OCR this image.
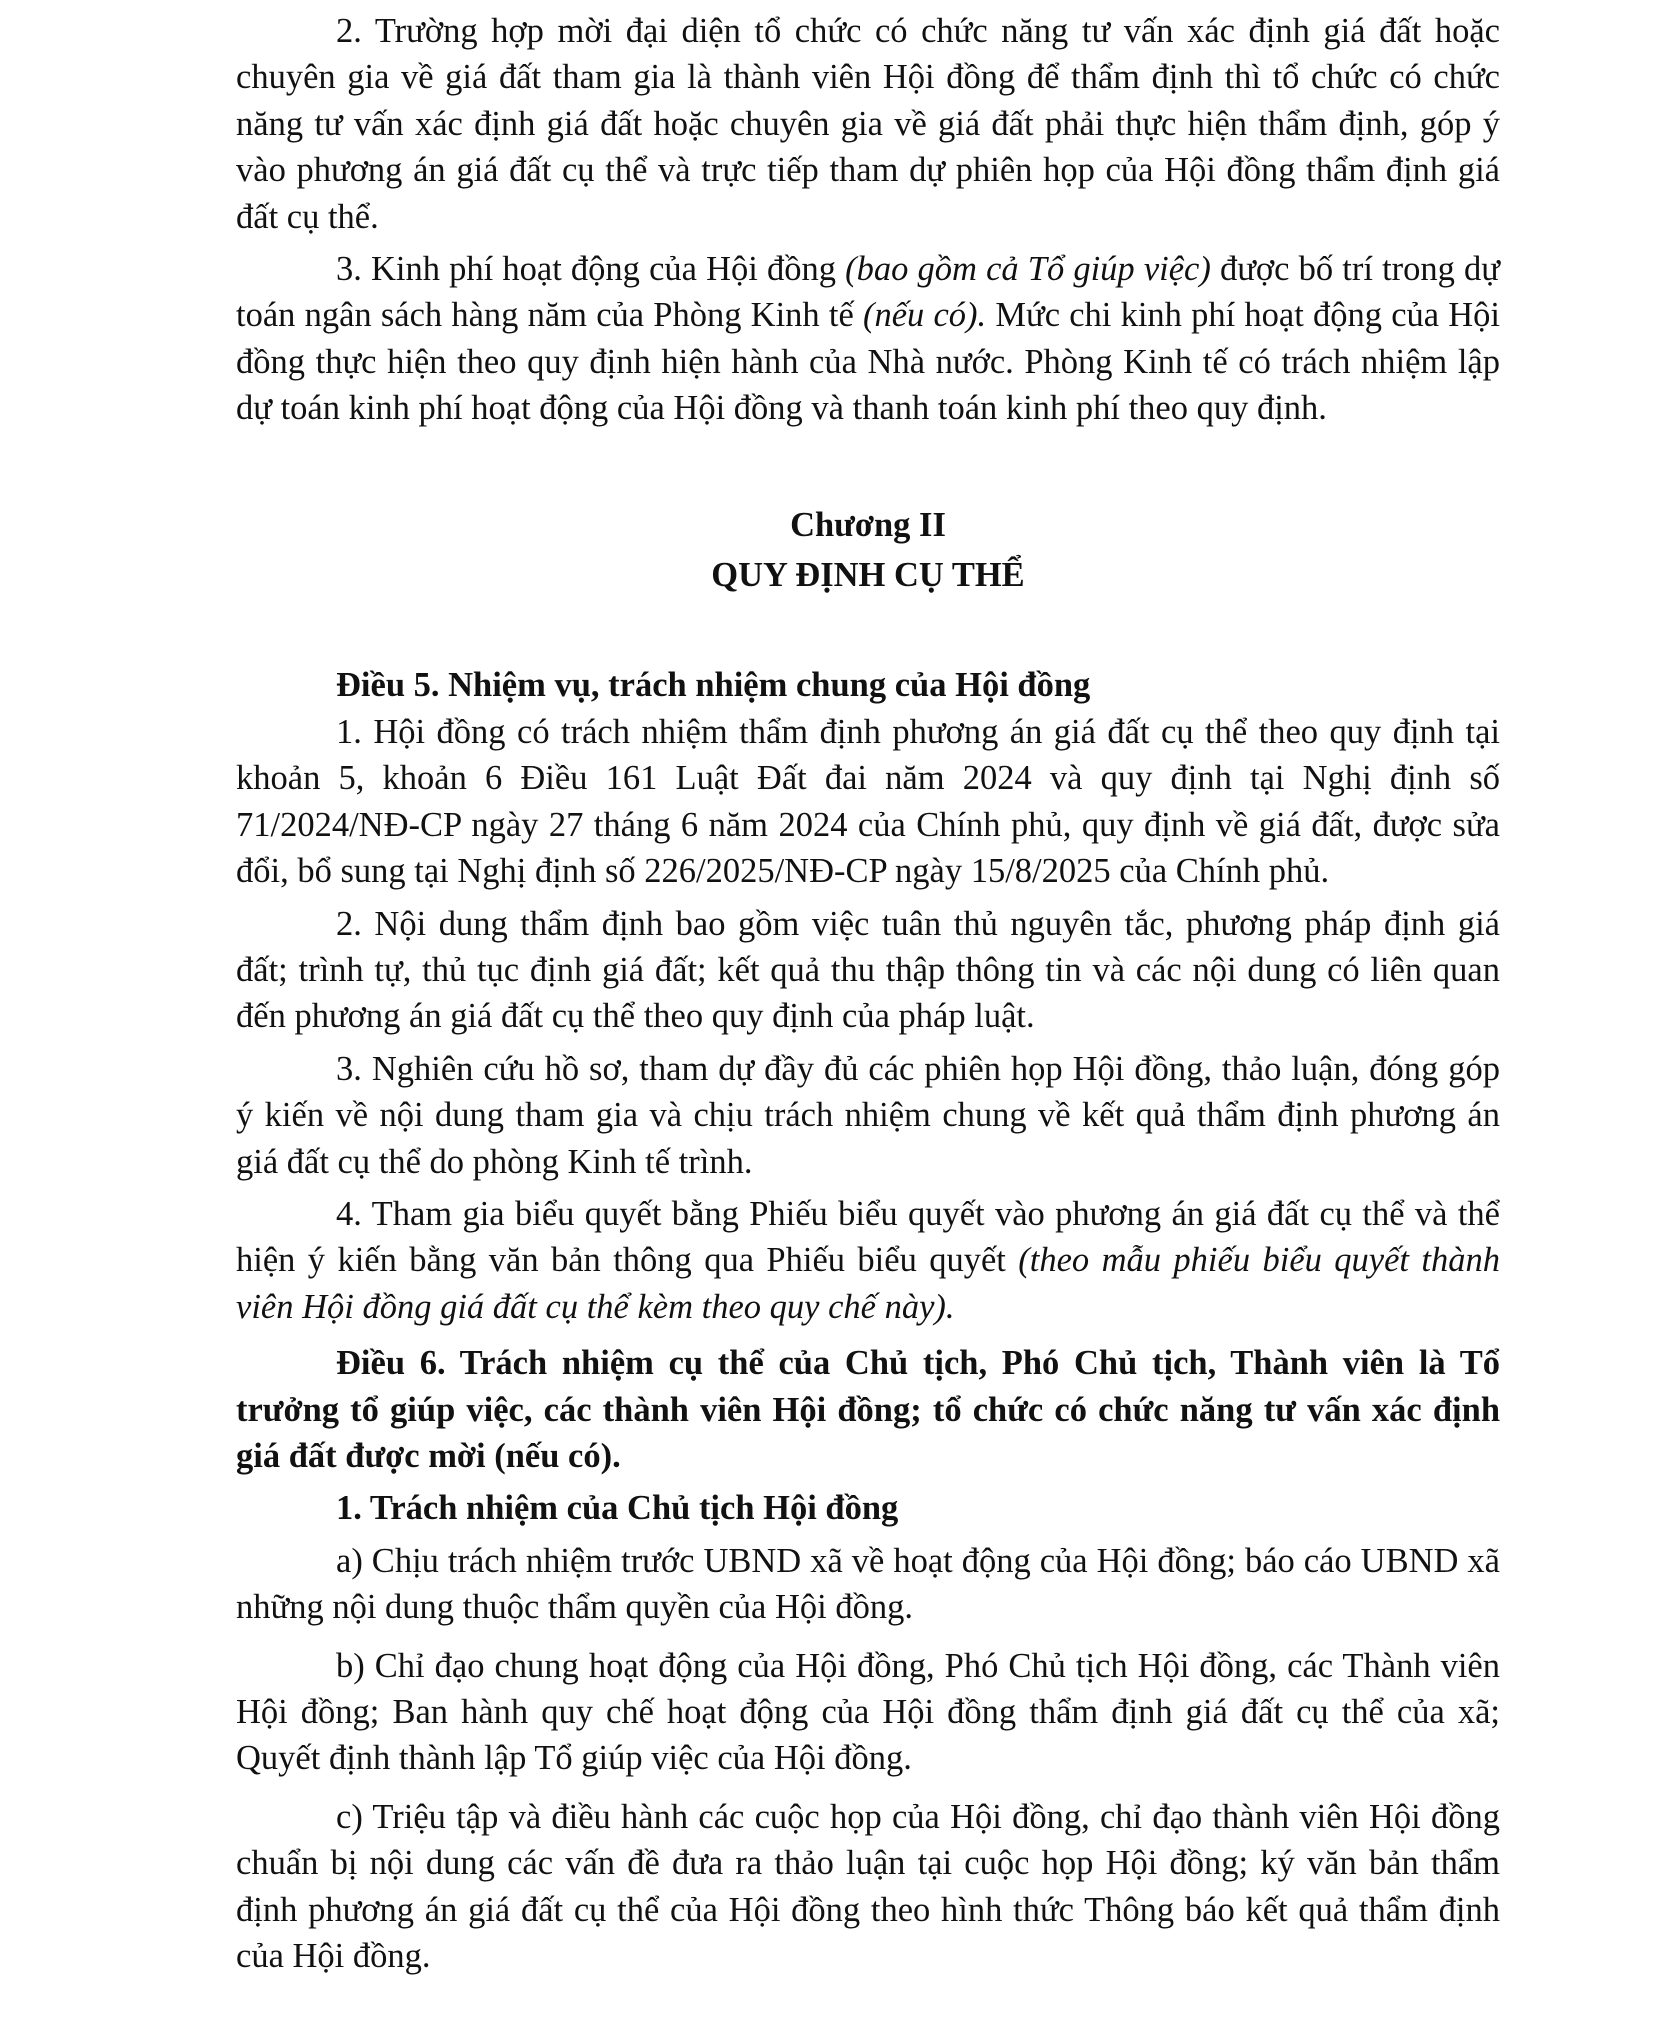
2. Trường hợp mời đại diện tổ chức có chức năng tư vấn xác định giá đất hoặc chuyên gia về giá đất tham gia là thành viên Hội đồng để thẩm định thì tổ chức có chức năng tư vấn xác định giá đất hoặc chuyên gia về giá đất phải thực hiện thẩm định, góp ý vào phương án giá đất cụ thể và trực tiếp tham dự phiên họp của Hội đồng thẩm định giá đất cụ thể.

3. Kinh phí hoạt động của Hội đồng (bao gồm cả Tổ giúp việc) được bố trí trong dự toán ngân sách hàng năm của Phòng Kinh tế (nếu có). Mức chi kinh phí hoạt động của Hội đồng thực hiện theo quy định hiện hành của Nhà nước. Phòng Kinh tế có trách nhiệm lập dự toán kinh phí hoạt động của Hội đồng và thanh toán kinh phí theo quy định.

Chương II

QUY ĐỊNH CỤ THỂ

Điều 5. Nhiệm vụ, trách nhiệm chung của Hội đồng

1. Hội đồng có trách nhiệm thẩm định phương án giá đất cụ thể theo quy định tại khoản 5, khoản 6 Điều 161 Luật Đất đai năm 2024 và quy định tại Nghị định số 71/2024/NĐ-CP ngày 27 tháng 6 năm 2024 của Chính phủ, quy định về giá đất, được sửa đổi, bổ sung tại Nghị định số 226/2025/NĐ-CP ngày 15/8/2025 của Chính phủ.

2. Nội dung thẩm định bao gồm việc tuân thủ nguyên tắc, phương pháp định giá đất; trình tự, thủ tục định giá đất; kết quả thu thập thông tin và các nội dung có liên quan đến phương án giá đất cụ thể theo quy định của pháp luật.

3. Nghiên cứu hồ sơ, tham dự đầy đủ các phiên họp Hội đồng, thảo luận, đóng góp ý kiến về nội dung tham gia và chịu trách nhiệm chung về kết quả thẩm định phương án giá đất cụ thể do phòng Kinh tế trình.

4. Tham gia biểu quyết bằng Phiếu biểu quyết vào phương án giá đất cụ thể và thể hiện ý kiến bằng văn bản thông qua Phiếu biểu quyết (theo mẫu phiếu biểu quyết thành viên Hội đồng giá đất cụ thể kèm theo quy chế này).

Điều 6. Trách nhiệm cụ thể của Chủ tịch, Phó Chủ tịch, Thành viên là Tổ trưởng tổ giúp việc, các thành viên Hội đồng; tổ chức có chức năng tư vấn xác định giá đất được mời (nếu có).

1. Trách nhiệm của Chủ tịch Hội đồng

a) Chịu trách nhiệm trước UBND xã về hoạt động của Hội đồng; báo cáo UBND xã những nội dung thuộc thẩm quyền của Hội đồng.

b) Chỉ đạo chung hoạt động của Hội đồng, Phó Chủ tịch Hội đồng, các Thành viên Hội đồng; Ban hành quy chế hoạt động của Hội đồng thẩm định giá đất cụ thể của xã; Quyết định thành lập Tổ giúp việc của Hội đồng.

c) Triệu tập và điều hành các cuộc họp của Hội đồng, chỉ đạo thành viên Hội đồng chuẩn bị nội dung các vấn đề đưa ra thảo luận tại cuộc họp Hội đồng; ký văn bản thẩm định phương án giá đất cụ thể của Hội đồng theo hình thức Thông báo kết quả thẩm định của Hội đồng.
